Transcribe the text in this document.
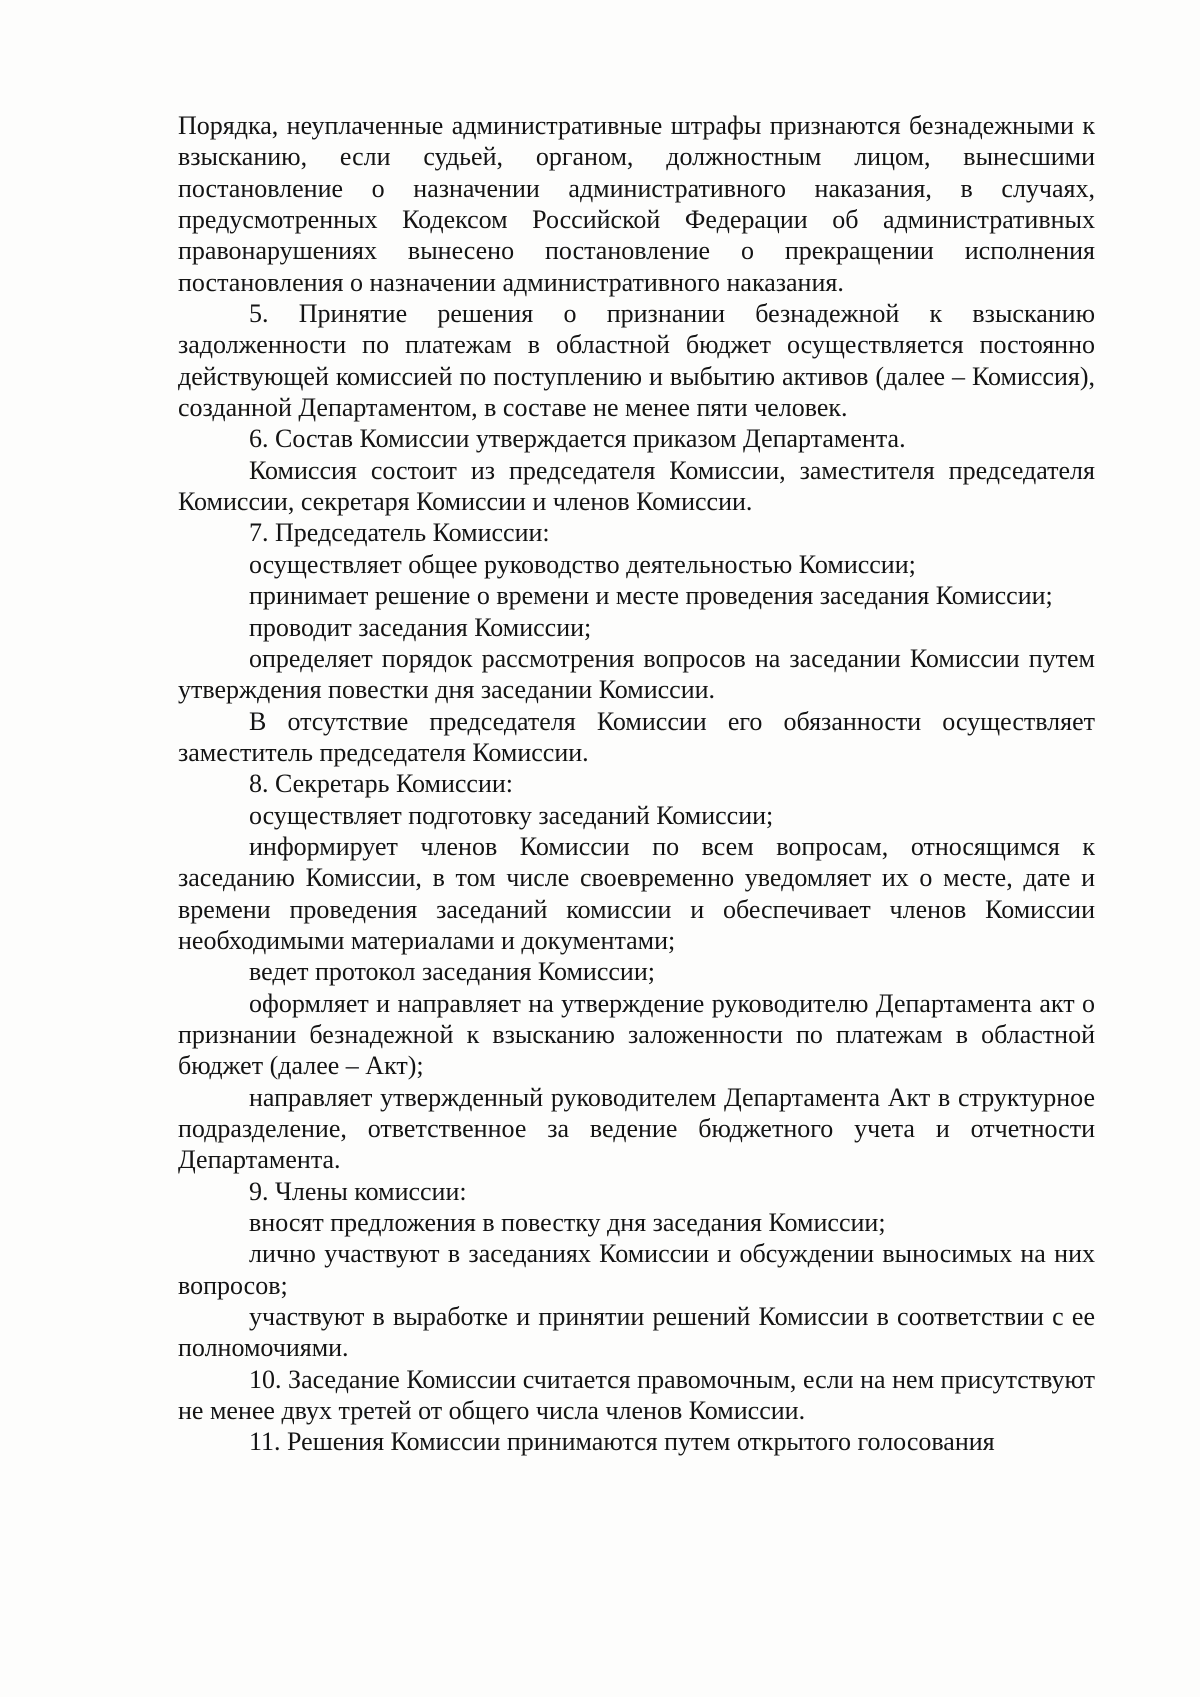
Порядка, неуплаченные административные штрафы признаются безнадежными к взысканию, если судьей, органом, должностным лицом, вынесшими постановление о назначении административного наказания, в случаях, предусмотренных Кодексом Российской Федерации об административных правонарушениях вынесено постановление о прекращении исполнения постановления о назначении административного наказания.

5. Принятие решения о признании безнадежной к взысканию задолженности по платежам в областной бюджет осуществляется постоянно действующей комиссией по поступлению и выбытию активов (далее – Комиссия), созданной Департаментом, в составе не менее пяти человек.

6. Состав Комиссии утверждается приказом Департамента.

Комиссия состоит из председателя Комиссии, заместителя председателя Комиссии, секретаря Комиссии и членов Комиссии.

7. Председатель Комиссии:

осуществляет общее руководство деятельностью Комиссии;

принимает решение о времени и месте проведения заседания Комиссии;

проводит заседания Комиссии;

определяет порядок рассмотрения вопросов на заседании Комиссии путем утверждения повестки дня заседании Комиссии.

В отсутствие председателя Комиссии его обязанности осуществляет заместитель председателя Комиссии.

8. Секретарь Комиссии:

осуществляет подготовку заседаний Комиссии;

информирует членов Комиссии по всем вопросам, относящимся к заседанию Комиссии, в том числе своевременно уведомляет их о месте, дате и времени проведения заседаний комиссии и обеспечивает членов Комиссии необходимыми материалами и документами;

ведет протокол заседания Комиссии;

оформляет и направляет на утверждение руководителю Департамента акт о признании безнадежной к взысканию заложенности по платежам в областной бюджет (далее – Акт);

направляет утвержденный руководителем Департамента Акт в структурное подразделение, ответственное за ведение бюджетного учета и отчетности Департамента.

9. Члены комиссии:

вносят предложения в повестку дня заседания Комиссии;

лично участвуют в заседаниях Комиссии и обсуждении выносимых на них вопросов;

участвуют в выработке и принятии решений Комиссии в соответствии с ее полномочиями.

10. Заседание Комиссии считается правомочным, если на нем присутствуют не менее двух третей от общего числа членов Комиссии.

11. Решения Комиссии принимаются путем открытого голосования
